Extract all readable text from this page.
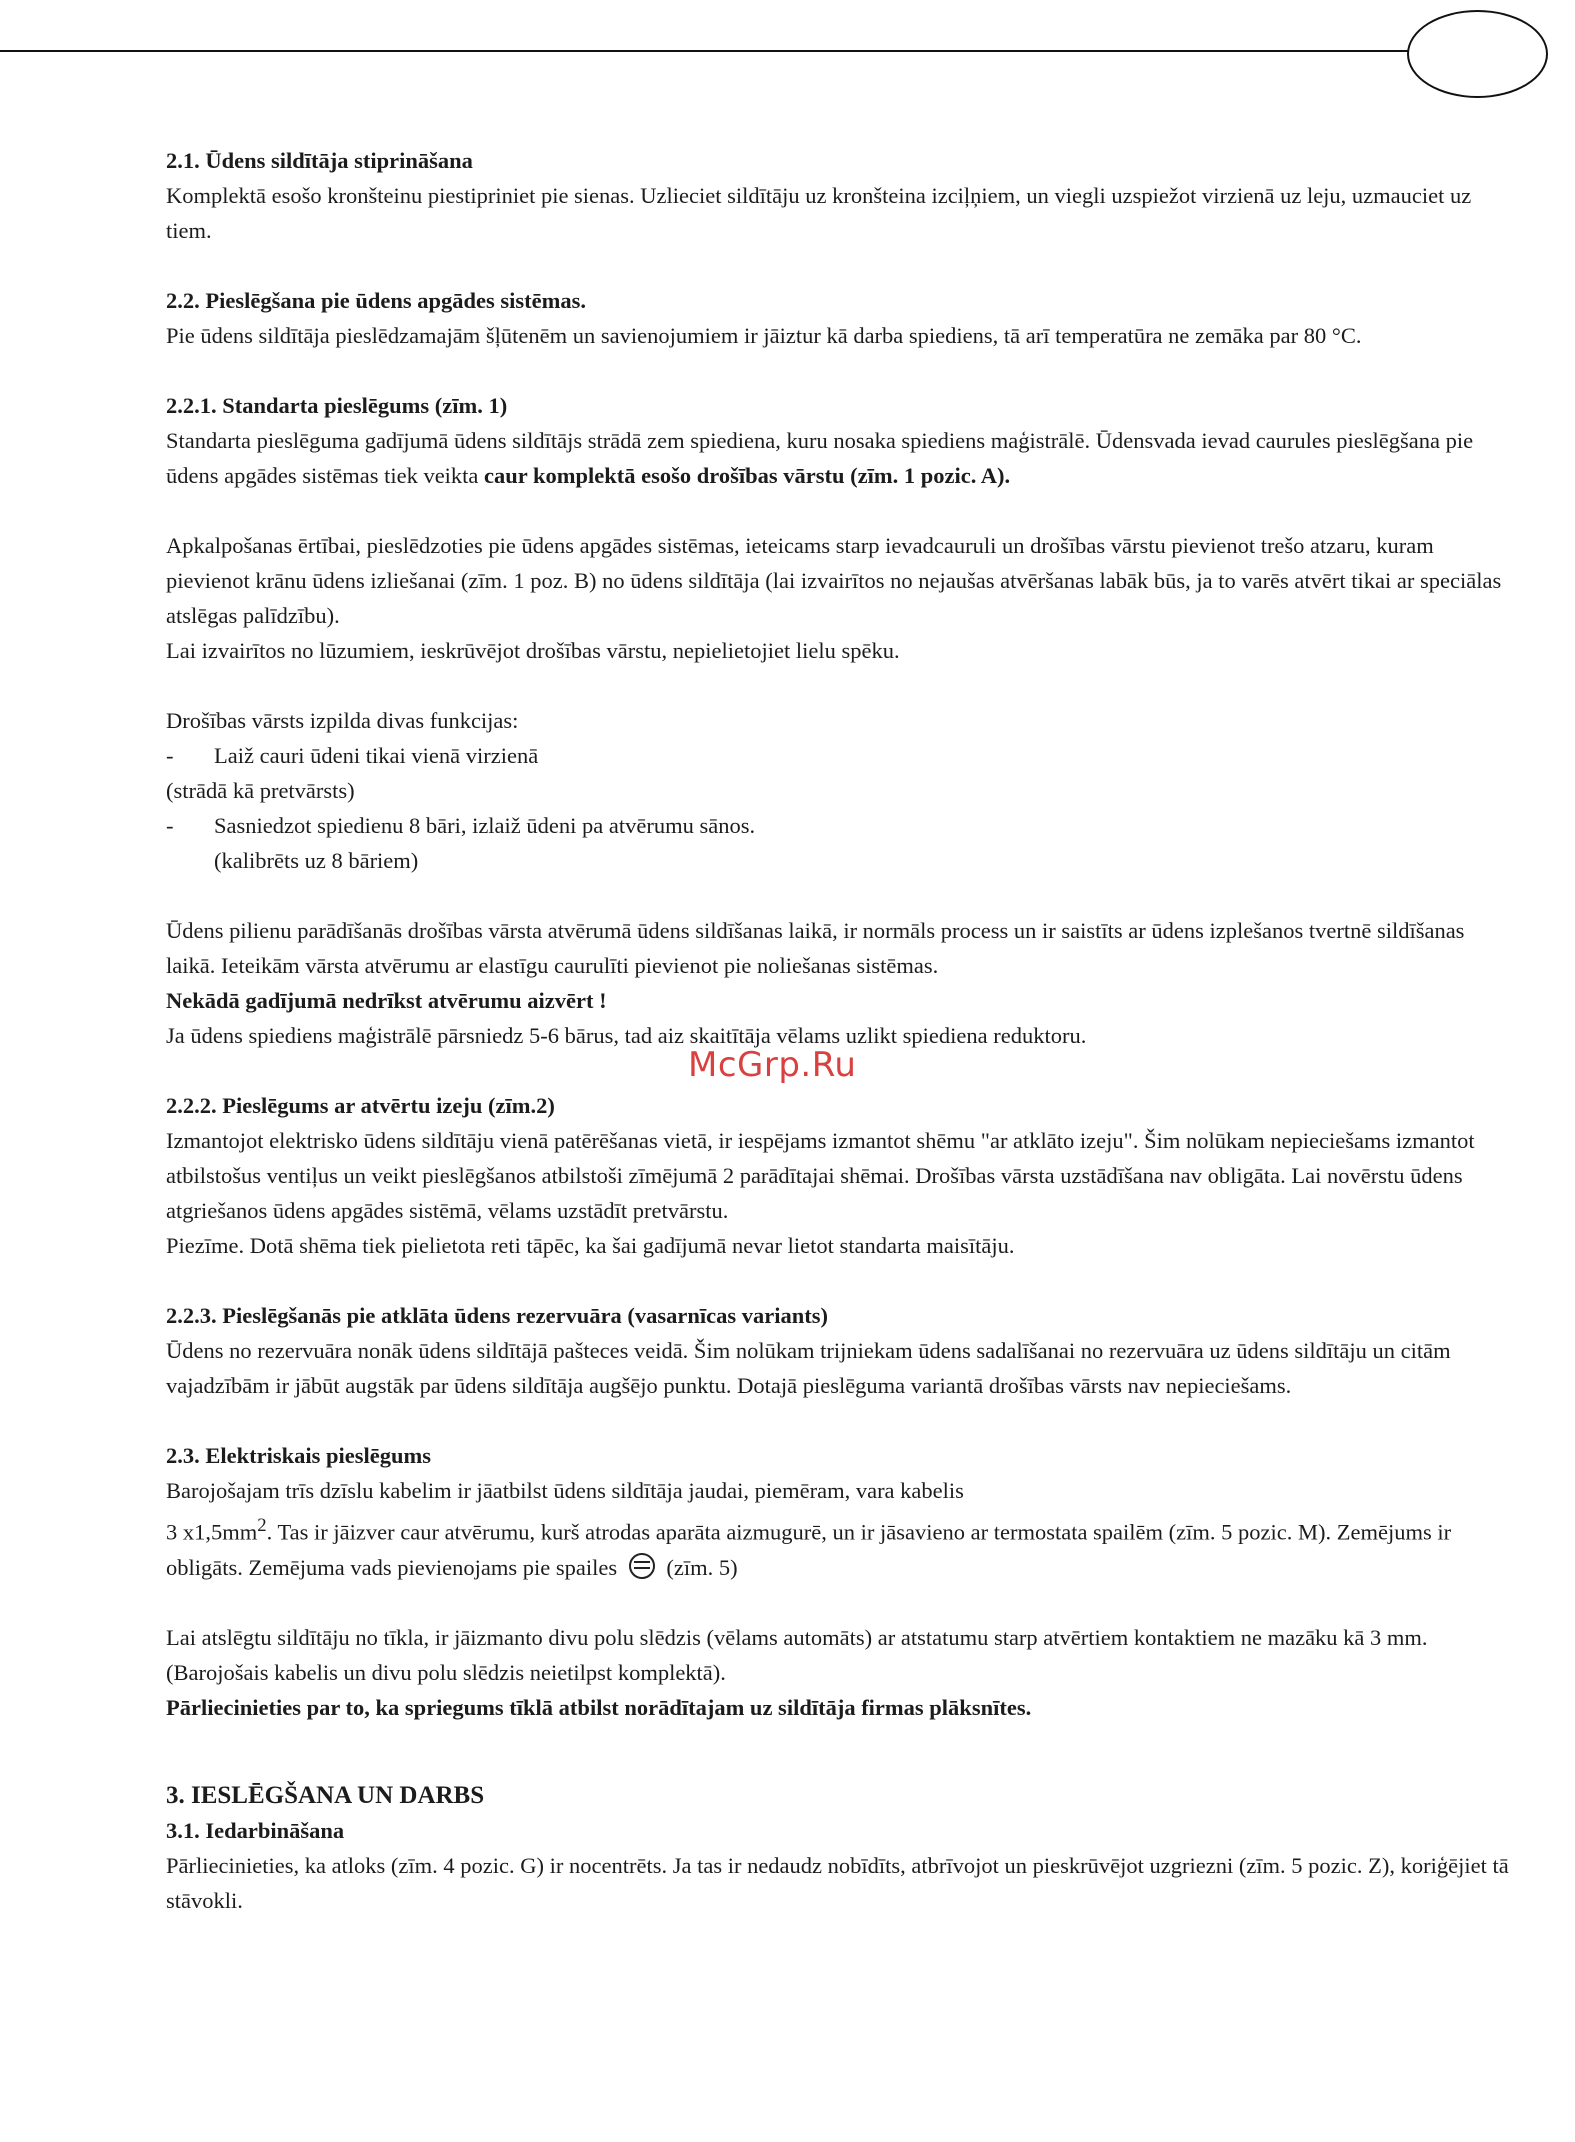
2.1. Ūdens sildītāja stiprināšana

Komplektā esošo kronšteinu piestipriniet pie sienas. Uzlieciet sildītāju uz kronšteina izciļņiem, un viegli uzspiežot virzienā uz leju, uzmauciet uz tiem.

2.2. Pieslēgšana pie ūdens apgādes sistēmas.

Pie ūdens sildītāja pieslēdzamajām šļūtenēm un savienojumiem ir jāiztur kā darba spiediens, tā arī temperatūra ne zemāka par 80 °C.

2.2.1. Standarta pieslēgums (zīm. 1)

Standarta pieslēguma gadījumā ūdens sildītājs strādā zem spiediena, kuru nosaka spiediens maģistrālē. Ūdensvada ievad caurules pieslēgšana pie ūdens apgādes sistēmas tiek veikta caur komplektā esošo drošības vārstu (zīm. 1 pozic. A).

Apkalpošanas ērtībai, pieslēdzoties pie ūdens apgādes sistēmas, ieteicams starp ievadcauruli un drošības vārstu pievienot trešo atzaru, kuram pievienot krānu ūdens izliešanai (zīm. 1 poz. B) no ūdens sildītāja (lai izvairītos no nejaušas atvēršanas labāk būs, ja to varēs atvērt tikai ar speciālas atslēgas palīdzību).

Lai izvairītos no lūzumiem, ieskrūvējot drošības vārstu, nepielietojiet lielu spēku.

Drošības vārsts izpilda divas funkcijas:

-	Laiž cauri ūdeni tikai vienā virzienā

(strādā kā pretvārsts)

-	Sasniedzot spiedienu 8 bāri, izlaiž ūdeni pa atvērumu sānos.

(kalibrēts uz 8 bāriem)

Ūdens pilienu parādīšanās drošības vārsta atvērumā ūdens sildīšanas laikā, ir normāls process un ir saistīts ar ūdens izplešanos tvertnē sildīšanas laikā. Ieteikām vārsta atvērumu ar elastīgu caurulīti pievienot pie noliešanas sistēmas.

Nekādā gadījumā nedrīkst atvērumu aizvērt !

Ja ūdens spiediens maģistrālē pārsniedz 5-6 bārus, tad aiz skaitītāja vēlams uzlikt spiediena reduktoru.

2.2.2. Pieslēgums ar atvērtu izeju (zīm.2)

Izmantojot elektrisko ūdens sildītāju vienā patērēšanas vietā, ir iespējams izmantot shēmu "ar atklāto izeju". Šim nolūkam nepieciešams izmantot atbilstošus ventiļus un veikt pieslēgšanos atbilstoši zīmējumā 2 parādītajai shēmai. Drošības vārsta uzstādīšana nav obligāta. Lai novērstu ūdens atgriešanos ūdens apgādes sistēmā, vēlams uzstādīt pretvārstu.

Piezīme. Dotā shēma tiek pielietota reti tāpēc, ka šai gadījumā nevar lietot standarta maisītāju.

2.2.3. Pieslēgšanās pie atklāta ūdens rezervuāra (vasarnīcas variants)

Ūdens no rezervuāra nonāk ūdens sildītājā pašteces veidā. Šim nolūkam trijniekam ūdens sadalīšanai no rezervuāra uz ūdens sildītāju un citām vajadzībām ir jābūt augstāk par ūdens sildītāja augšējo punktu. Dotajā pieslēguma variantā drošības vārsts nav nepieciešams.

2.3. Elektriskais pieslēgums

Barojošajam trīs dzīslu kabelim ir jāatbilst ūdens sildītāja jaudai, piemēram, vara kabelis

3 $x1,5mm^2$. Tas ir jāizver caur atvērumu, kurš atrodas aparāta aizmugurē, un ir jāsavieno ar termostata spailēm (zīm. 5 pozic. M). Zemējums ir obligāts. Zemējuma vads pievienojams pie spailes (zīm. 5)

Lai atslēgtu sildītāju no tīkla, ir jāizmanto divu polu slēdzis (vēlams automāts) ar atstatumu starp atvērtiem kontaktiem ne mazāku kā 3 mm. (Barojošais kabelis un divu polu slēdzis neietilpst komplektā).

Pārliecinieties par to, ka spriegums tīklā atbilst norādītajam uz sildītāja firmas plāksnītes.

3. IESLĒGŠANA UN DARBS

3.1. Iedarbināšana

Pārliecinieties, ka atloks (zīm. 4 pozic. G) ir nocentrēts. Ja tas ir nedaudz nobīdīts, atbrīvojot un pieskrūvējot uzgriezni (zīm. 5 pozic. Z), koriģējiet tā stāvokli.

McGrp.Ru
